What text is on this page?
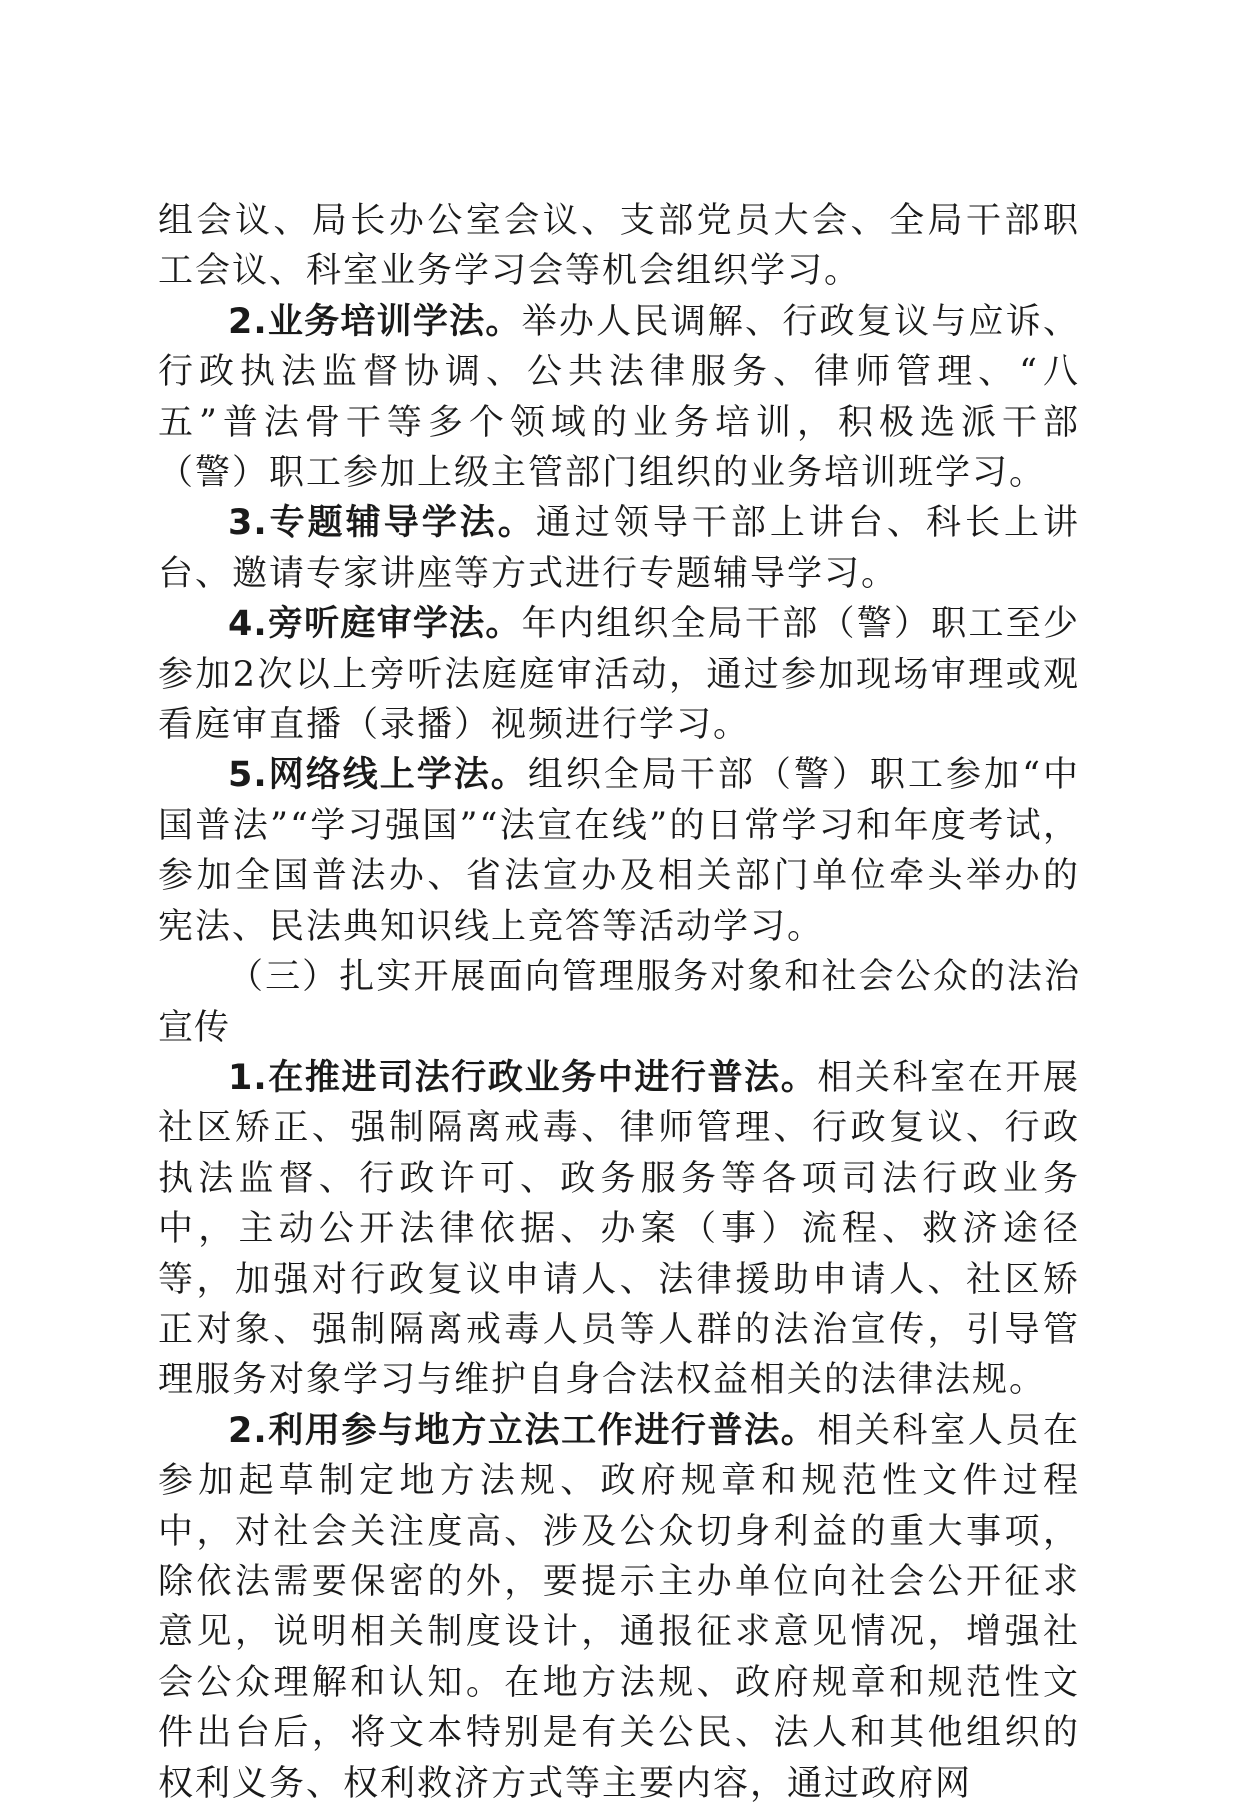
组会议、局长办公室会议、支部党员大会、全局干部职工会议、科室业务学习会等机会组织学习。

2.业务培训学法。举办人民调解、行政复议与应诉、行政执法监督协调、公共法律服务、律师管理、“八五”普法骨干等多个领域的业务培训，积极选派干部（警）职工参加上级主管部门组织的业务培训班学习。

3.专题辅导学法。通过领导干部上讲台、科长上讲台、邀请专家讲座等方式进行专题辅导学习。

4.旁听庭审学法。年内组织全局干部（警）职工至少参加2次以上旁听法庭庭审活动，通过参加现场审理或观看庭审直播（录播）视频进行学习。

5.网络线上学法。组织全局干部（警）职工参加“中国普法”“学习强国”“法宣在线”的日常学习和年度考试，参加全国普法办、省法宣办及相关部门单位牵头举办的宪法、民法典知识线上竞答等活动学习。

（三）扎实开展面向管理服务对象和社会公众的法治宣传

1.在推进司法行政业务中进行普法。相关科室在开展社区矫正、强制隔离戒毒、律师管理、行政复议、行政执法监督、行政许可、政务服务等各项司法行政业务中，主动公开法律依据、办案（事）流程、救济途径等，加强对行政复议申请人、法律援助申请人、社区矫正对象、强制隔离戒毒人员等人群的法治宣传，引导管理服务对象学习与维护自身合法权益相关的法律法规。

2.利用参与地方立法工作进行普法。相关科室人员在参加起草制定地方法规、政府规章和规范性文件过程中，对社会关注度高、涉及公众切身利益的重大事项，除依法需要保密的外，要提示主办单位向社会公开征求意见，说明相关制度设计，通报征求意见情况，增强社会公众理解和认知。在地方法规、政府规章和规范性文件出台后，将文本特别是有关公民、法人和其他组织的权利义务、权利救济方式等主要内容，通过政府网
